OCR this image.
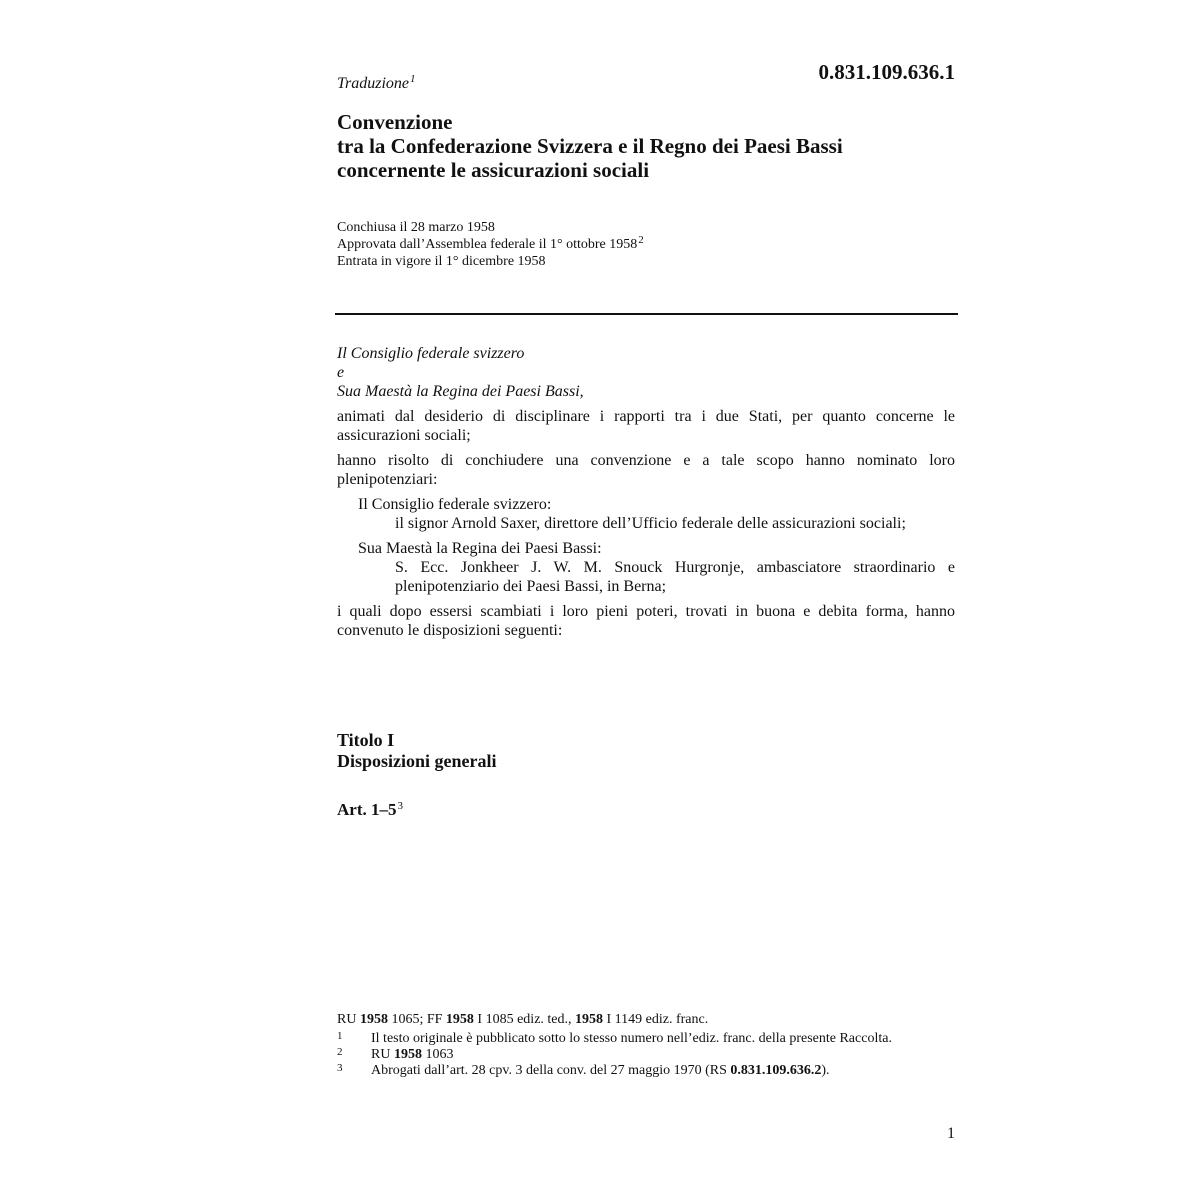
0.831.109.636.1
Traduzione$^1$
Convenzione
tra la Confederazione Svizzera e il Regno dei Paesi Bassi
concernente le assicurazioni sociali
Conchiusa il 28 marzo 1958
Approvata dall’Assemblea federale il 1° ottobre 1958$^2$
Entrata in vigore il 1° dicembre 1958

Il Consiglio federale svizzero

e

Sua Maestà la Regina dei Paesi Bassi,

animati dal desiderio di disciplinare i rapporti tra i due Stati, per quanto concerne le assicurazioni sociali;

hanno risolto di conchiudere una convenzione e a tale scopo hanno nominato loro plenipotenziari:

Il Consiglio federale svizzero:

il signor Arnold Saxer, direttore dell’Ufficio federale delle assicurazioni sociali;

Sua Maestà la Regina dei Paesi Bassi:

S. Ecc. Jonkheer J. W. M. Snouck Hurgronje, ambasciatore straordinario e plenipotenziario dei Paesi Bassi, in Berna;

i quali dopo essersi scambiati i loro pieni poteri, trovati in buona e debita forma, hanno convenuto le disposizioni seguenti:

Titolo I
Disposizioni generali
Art. $1-5^3$
RU 1958 1065; FF 1958 I 1085 ediz. ted., 1958 I 1149 ediz. franc.
1 Il testo originale è pubblicato sotto lo stesso numero nell’ediz. franc. della presente Raccolta.
2 RU 1958 1063
3 Abrogati dall’art. 28 cpv. 3 della conv. del 27 maggio 1970 (RS 0.831.109.636.2).
1
